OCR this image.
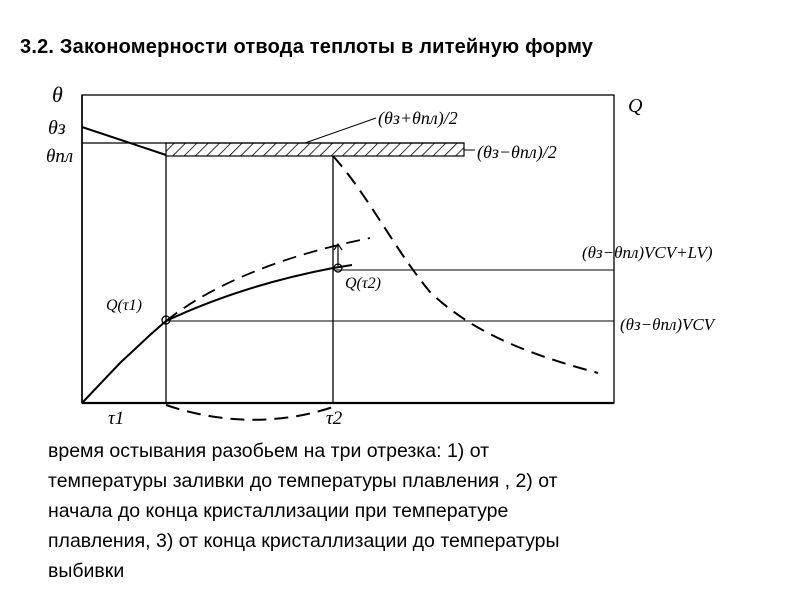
3.2. Закономерности отвода теплоты в литейную форму
θ	Q
θз
θпл
τ1	τ2
Q(τ1)
Q(τ2)
(θз+θпл)/2
(θз−θпл)/2
(θз−θпл)VCV+LV)
(θз−θпл)VCV
время остывания разобьем на три отрезка: 1) от
температуры заливки до температуры плавления , 2) от
начала до конца кристаллизации при температуре
плавления, 3) от конца кристаллизации до температуры
выбивки
